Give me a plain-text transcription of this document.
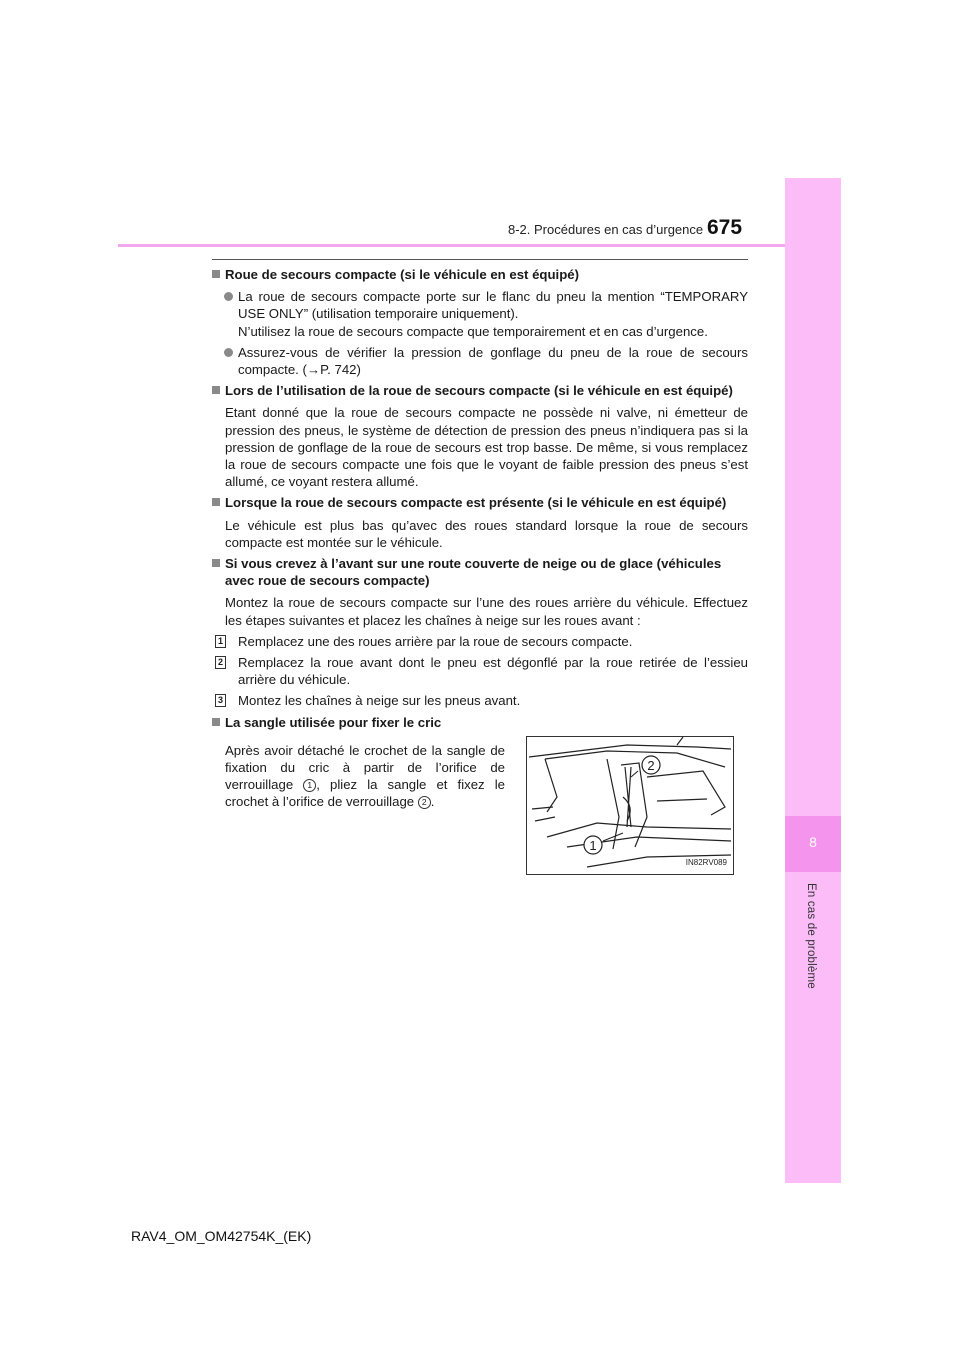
8-2. Procédures en cas d’urgence 675
8
En cas de problème
Roue de secours compacte (si le véhicule en est équipé)
La roue de secours compacte porte sur le flanc du pneu la mention “TEMPORARY USE ONLY” (utilisation temporaire uniquement).
N’utilisez la roue de secours compacte que temporairement et en cas d’urgence.
Assurez-vous de vérifier la pression de gonflage du pneu de la roue de secours compacte. (→P. 742)
Lors de l’utilisation de la roue de secours compacte (si le véhicule en est équipé)
Etant donné que la roue de secours compacte ne possède ni valve, ni émetteur de pression des pneus, le système de détection de pression des pneus n’indiquera pas si la pression de gonflage de la roue de secours est trop basse. De même, si vous remplacez la roue de secours compacte une fois que le voyant de faible pression des pneus s’est allumé, ce voyant restera allumé.
Lorsque la roue de secours compacte est présente (si le véhicule en est équipé)
Le véhicule est plus bas qu’avec des roues standard lorsque la roue de secours compacte est montée sur le véhicule.
Si vous crevez à l’avant sur une route couverte de neige ou de glace (véhicules avec roue de secours compacte)
Montez la roue de secours compacte sur l’une des roues arrière du véhicule. Effectuez les étapes suivantes et placez les chaînes à neige sur les roues avant :
1 Remplacez une des roues arrière par la roue de secours compacte.
2 Remplacez la roue avant dont le pneu est dégonflé par la roue retirée de l’essieu arrière du véhicule.
3 Montez les chaînes à neige sur les pneus avant.
La sangle utilisée pour fixer le cric
Après avoir détaché le crochet de la sangle de fixation du cric à partir de l’orifice de verrouillage 1 , pliez la sangle et fixez le crochet à l’orifice de verrouillage 2 .
2
1
IN82RV089
RAV4_OM_OM42754K_(EK)
